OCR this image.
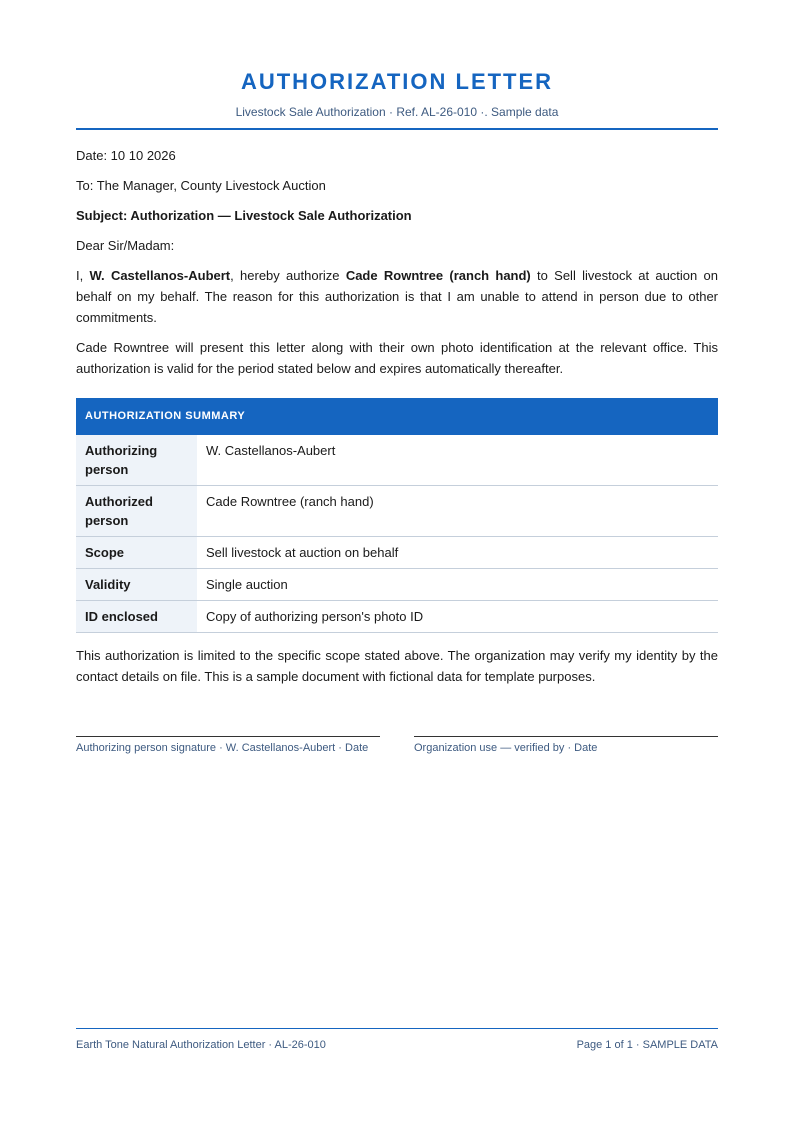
AUTHORIZATION LETTER
Livestock Sale Authorization · Ref. AL-26-010 ·. Sample data

Date: 10 10 2026

To: The Manager, County Livestock Auction

Subject: Authorization — Livestock Sale Authorization

Dear Sir/Madam:

I, W. Castellanos-Aubert, hereby authorize Cade Rowntree (ranch hand) to Sell livestock at auction on behalf on my behalf. The reason for this authorization is that I am unable to attend in person due to other commitments.

Cade Rowntree will present this letter along with their own photo identification at the relevant office. This authorization is valid for the period stated below and expires automatically thereafter.

AUTHORIZATION SUMMARY	
Authorizing person	W. Castellanos-Aubert
Authorized person	Cade Rowntree (ranch hand)
Scope	Sell livestock at auction on behalf
Validity	Single auction
ID enclosed	Copy of authorizing person's photo ID

This authorization is limited to the specific scope stated above. The organization may verify my identity by the contact details on file. This is a sample document with fictional data for template purposes.

Authorizing person signature · W. Castellanos-Aubert · Date	Organization use — verified by · Date
Earth Tone Natural Authorization Letter · AL-26-010	Page 1 of 1 · SAMPLE DATA
